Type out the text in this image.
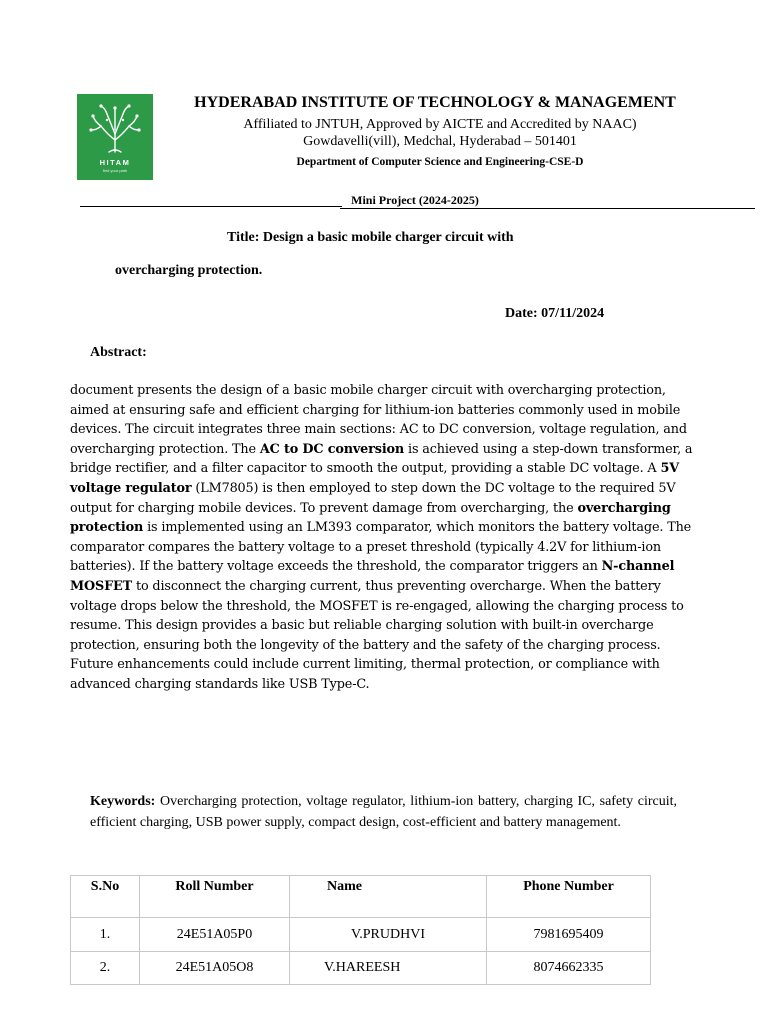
HITAM
find your path
HYDERABAD INSTITUTE OF TECHNOLOGY & MANAGEMENT
Affiliated to JNTUH, Approved by AICTE and Accredited by NAAC)
Gowdavelli(vill), Medchal, Hyderabad – 501401
Department of Computer Science and Engineering-CSE-D
Mini Project (2024-2025)
Title: Design a basic mobile charger circuit with
overcharging protection.
Date: 07/11/2024
Abstract:
document presents the design of a basic mobile charger circuit with overcharging protection, aimed at ensuring safe and efficient charging for lithium-ion batteries commonly used in mobile devices. The circuit integrates three main sections: AC to DC conversion, voltage regulation, and overcharging protection. The AC to DC conversion is achieved using a step-down transformer, a bridge rectifier, and a filter capacitor to smooth the output, providing a stable DC voltage. A 5V voltage regulator (LM7805) is then employed to step down the DC voltage to the required 5V output for charging mobile devices. To prevent damage from overcharging, the overcharging protection is implemented using an LM393 comparator, which monitors the battery voltage. The comparator compares the battery voltage to a preset threshold (typically 4.2V for lithium-ion batteries). If the battery voltage exceeds the threshold, the comparator triggers an N-channel MOSFET to disconnect the charging current, thus preventing overcharge. When the battery voltage drops below the threshold, the MOSFET is re-engaged, allowing the charging process to resume. This design provides a basic but reliable charging solution with built-in overcharge protection, ensuring both the longevity of the battery and the safety of the charging process. Future enhancements could include current limiting, thermal protection, or compliance with advanced charging standards like USB Type-C.
Keywords: Overcharging protection, voltage regulator, lithium-ion battery, charging IC, safety circuit, efficient charging, USB power supply, compact design, cost-efficient and battery management.
S.No	Roll Number	Name	Phone Number
1.	24E51A05P0	V.PRUDHVI	7981695409
2.	24E51A05O8	V.HAREESH	8074662335
